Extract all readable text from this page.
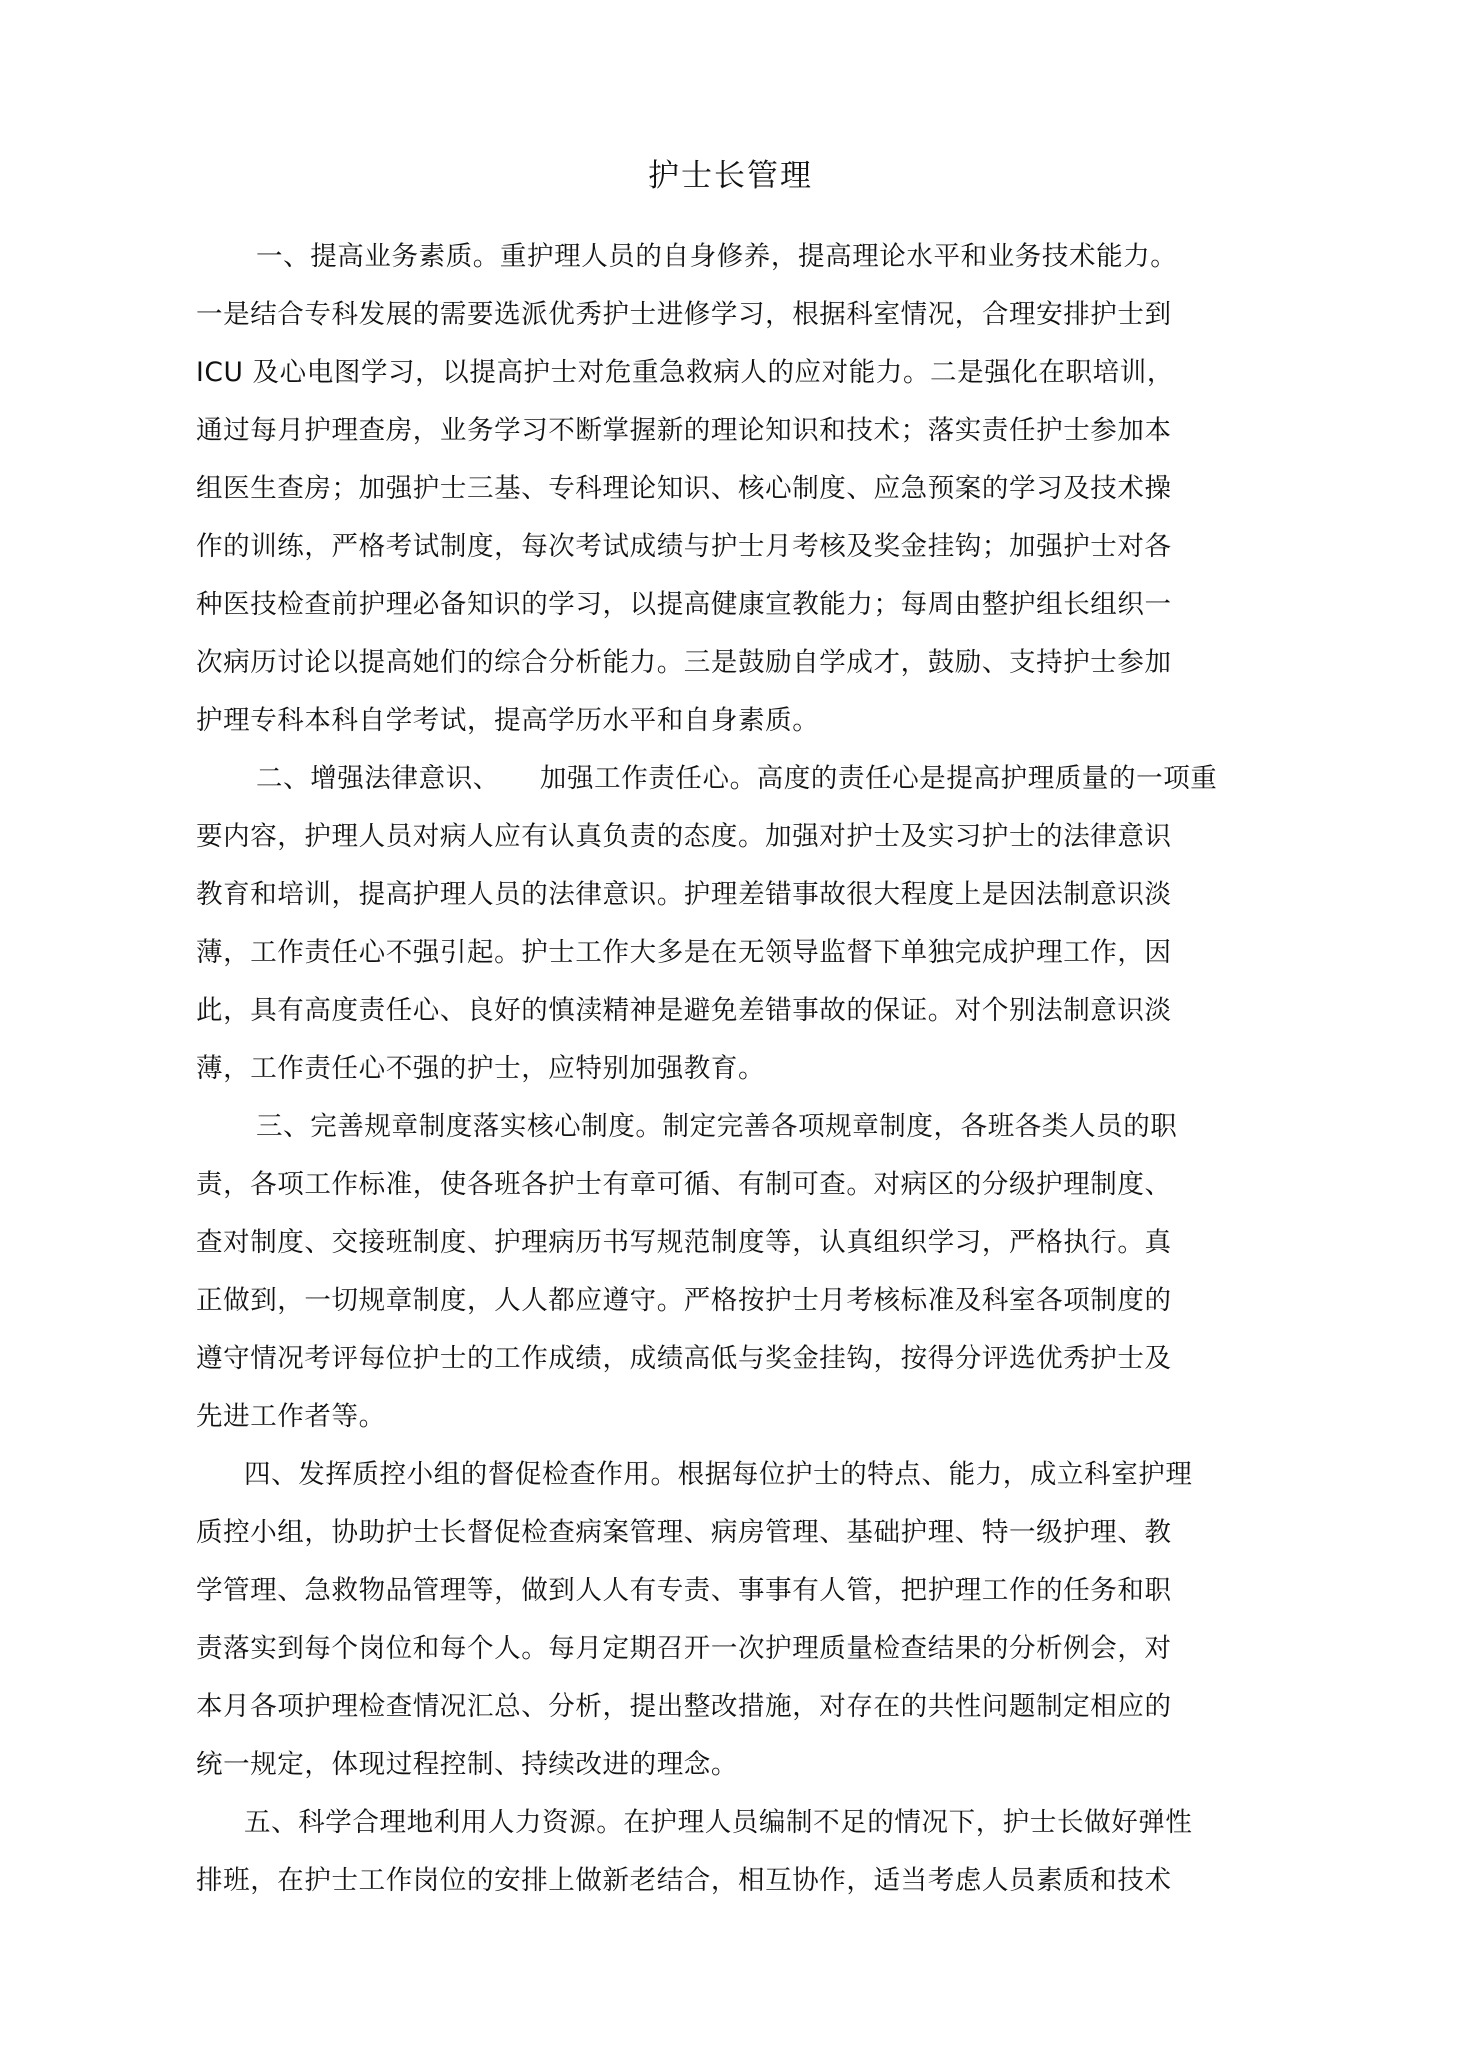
护士长管理
一、提高业务素质。重护理人员的自身修养，提高理论水平和业务技术能力。
一是结合专科发展的需要选派优秀护士进修学习，根据科室情况，合理安排护士到
ICU 及心电图学习，以提高护士对危重急救病人的应对能力。二是强化在职培训，
通过每月护理查房，业务学习不断掌握新的理论知识和技术；落实责任护士参加本
组医生查房；加强护士三基、专科理论知识、核心制度、应急预案的学习及技术操
作的训练，严格考试制度，每次考试成绩与护士月考核及奖金挂钩；加强护士对各
种医技检查前护理必备知识的学习，以提高健康宣教能力；每周由整护组长组织一
次病历讨论以提高她们的综合分析能力。三是鼓励自学成才，鼓励、支持护士参加
护理专科本科自学考试，提高学历水平和自身素质。
二、增强法律意识、 加强工作责任心。高度的责任心是提高护理质量的一项重
要内容，护理人员对病人应有认真负责的态度。加强对护士及实习护士的法律意识
教育和培训，提高护理人员的法律意识。护理差错事故很大程度上是因法制意识淡
薄，工作责任心不强引起。护士工作大多是在无领导监督下单独完成护理工作，因
此，具有高度责任心、良好的慎渎精神是避免差错事故的保证。对个别法制意识淡
薄，工作责任心不强的护士，应特别加强教育。
三、完善规章制度落实核心制度。制定完善各项规章制度，各班各类人员的职
责，各项工作标准，使各班各护士有章可循、有制可查。对病区的分级护理制度、
查对制度、交接班制度、护理病历书写规范制度等，认真组织学习，严格执行。真
正做到，一切规章制度，人人都应遵守。严格按护士月考核标准及科室各项制度的
遵守情况考评每位护士的工作成绩，成绩高低与奖金挂钩，按得分评选优秀护士及
先进工作者等。
四、发挥质控小组的督促检查作用。根据每位护士的特点、能力，成立科室护理
质控小组，协助护士长督促检查病案管理、病房管理、基础护理、特一级护理、教
学管理、急救物品管理等，做到人人有专责、事事有人管，把护理工作的任务和职
责落实到每个岗位和每个人。每月定期召开一次护理质量检查结果的分析例会，对
本月各项护理检查情况汇总、分析，提出整改措施，对存在的共性问题制定相应的
统一规定，体现过程控制、持续改进的理念。
五、科学合理地利用人力资源。在护理人员编制不足的情况下，护士长做好弹性
排班，在护士工作岗位的安排上做新老结合，相互协作，适当考虑人员素质和技术
